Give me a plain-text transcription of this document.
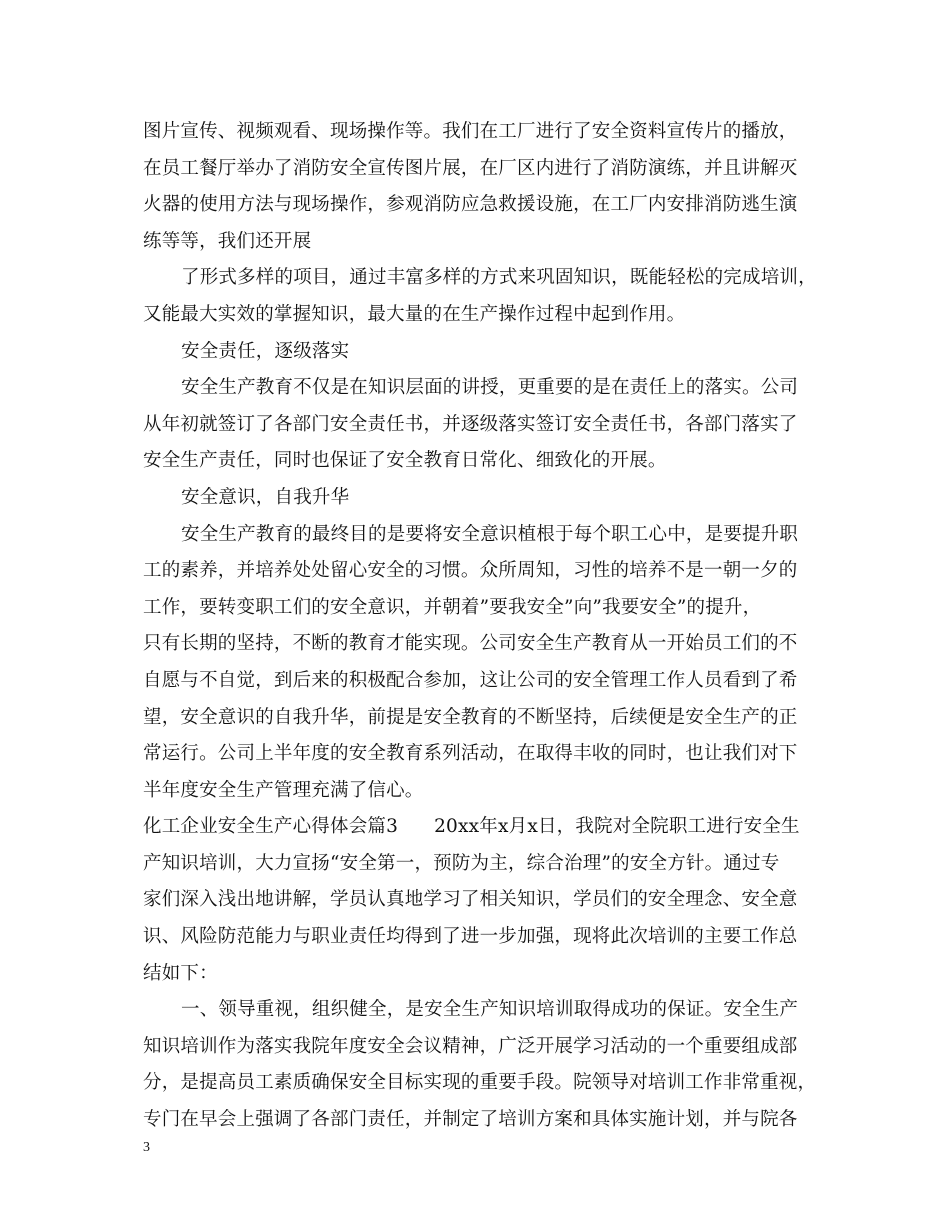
图片宣传、视频观看、现场操作等。我们在工厂进行了安全资料宣传片的播放，
在员工餐厅举办了消防安全宣传图片展，在厂区内进行了消防演练，并且讲解灭
火器的使用方法与现场操作，参观消防应急救援设施，在工厂内安排消防逃生演
练等等，我们还开展
了形式多样的项目，通过丰富多样的方式来巩固知识，既能轻松的完成培训，
又能最大实效的掌握知识，最大量的在生产操作过程中起到作用。
安全责任，逐级落实
安全生产教育不仅是在知识层面的讲授，更重要的是在责任上的落实。公司
从年初就签订了各部门安全责任书，并逐级落实签订安全责任书，各部门落实了
安全生产责任，同时也保证了安全教育日常化、细致化的开展。
安全意识，自我升华
安全生产教育的最终目的是要将安全意识植根于每个职工心中，是要提升职
工的素养，并培养处处留心安全的习惯。众所周知，习性的培养不是一朝一夕的
工作，要转变职工们的安全意识，并朝着”要我安全”向”我要安全”的提升，
只有长期的坚持，不断的教育才能实现。公司安全生产教育从一开始员工们的不
自愿与不自觉，到后来的积极配合参加，这让公司的安全管理工作人员看到了希
望，安全意识的自我升华，前提是安全教育的不断坚持，后续便是安全生产的正
常运行。公司上半年度的安全教育系列活动，在取得丰收的同时，也让我们对下
半年度安全生产管理充满了信心。
化工企业安全生产心得体会篇3 20xx年x月x日，我院对全院职工进行安全生
产知识培训，大力宣扬“安全第一，预防为主，综合治理”的安全方针。通过专
家们深入浅出地讲解，学员认真地学习了相关知识，学员们的安全理念、安全意
识、风险防范能力与职业责任均得到了进一步加强，现将此次培训的主要工作总
结如下：
一、领导重视，组织健全，是安全生产知识培训取得成功的保证。安全生产
知识培训作为落实我院年度安全会议精神，广泛开展学习活动的一个重要组成部
分，是提高员工素质确保安全目标实现的重要手段。院领导对培训工作非常重视，
专门在早会上强调了各部门责任，并制定了培训方案和具体实施计划，并与院各
3
